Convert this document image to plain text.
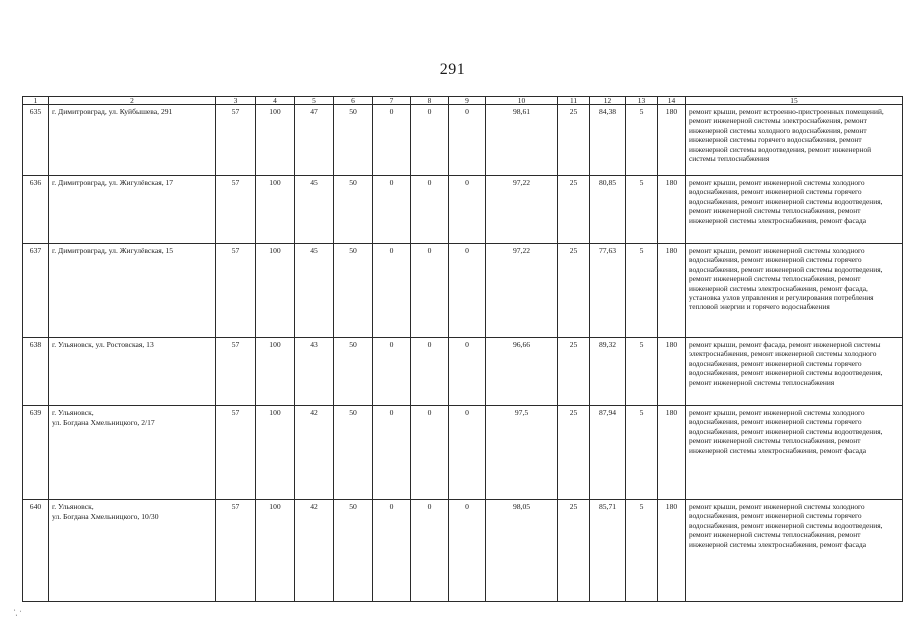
291
1	2	3	4	5	6	7	8	9	10	11	12	13	14	15
635	г. Димитровград, ул. Куйбышева, 291	57	100	47	50	0	0	0	98,61	25	84,38	5	180	ремонт крыши, ремонт встроенно-пристроенных помещений, ремонт инженерной системы электроснабжения, ремонт инженерной системы холодного водоснабжения, ремонт инженерной системы горячего водоснабжения, ремонт инженерной системы водоотведения, ремонт инженерной системы теплоснабжения
636	г. Димитровград, ул. Жигулёвская, 17	57	100	45	50	0	0	0	97,22	25	80,85	5	180	ремонт крыши, ремонт инженерной системы холодного водоснабжения, ремонт инженерной системы горячего водоснабжения, ремонт инженерной системы водоотведения, ремонт инженерной системы теплоснабжения, ремонт инженерной системы электроснабжения, ремонт фасада
637	г. Димитровград, ул. Жигулёвская, 15	57	100	45	50	0	0	0	97,22	25	77,63	5	180	ремонт крыши, ремонт инженерной системы холодного водоснабжения, ремонт инженерной системы горячего водоснабжения, ремонт инженерной системы водоотведения, ремонт инженерной системы теплоснабжения, ремонт инженерной системы электроснабжения, ремонт фасада, установка узлов управления и регулирования потребления тепловой энергии и горячего водоснабжения
638	г. Ульяновск, ул. Ростовская, 13	57	100	43	50	0	0	0	96,66	25	89,32	5	180	ремонт крыши, ремонт фасада, ремонт инженерной системы электроснабжения, ремонт инженерной системы холодного водоснабжения, ремонт инженерной системы горячего водоснабжения, ремонт инженерной системы водоотведения, ремонт инженерной системы теплоснабжения
639	г. Ульяновск,
ул. Богдана Хмельницкого, 2/17	57	100	42	50	0	0	0	97,5	25	87,94	5	180	ремонт крыши, ремонт инженерной системы холодного водоснабжения, ремонт инженерной системы горячего водоснабжения, ремонт инженерной системы водоотведения, ремонт инженерной системы теплоснабжения, ремонт инженерной системы электроснабжения, ремонт фасада
640	г. Ульяновск,
ул. Богдана Хмельницкого, 10/30	57	100	42	50	0	0	0	98,05	25	85,71	5	180	ремонт крыши, ремонт инженерной системы холодного водоснабжения, ремонт инженерной системы горячего водоснабжения, ремонт инженерной системы водоотведения, ремонт инженерной системы теплоснабжения, ремонт инженерной системы электроснабжения, ремонт фасада
⁚ ·
